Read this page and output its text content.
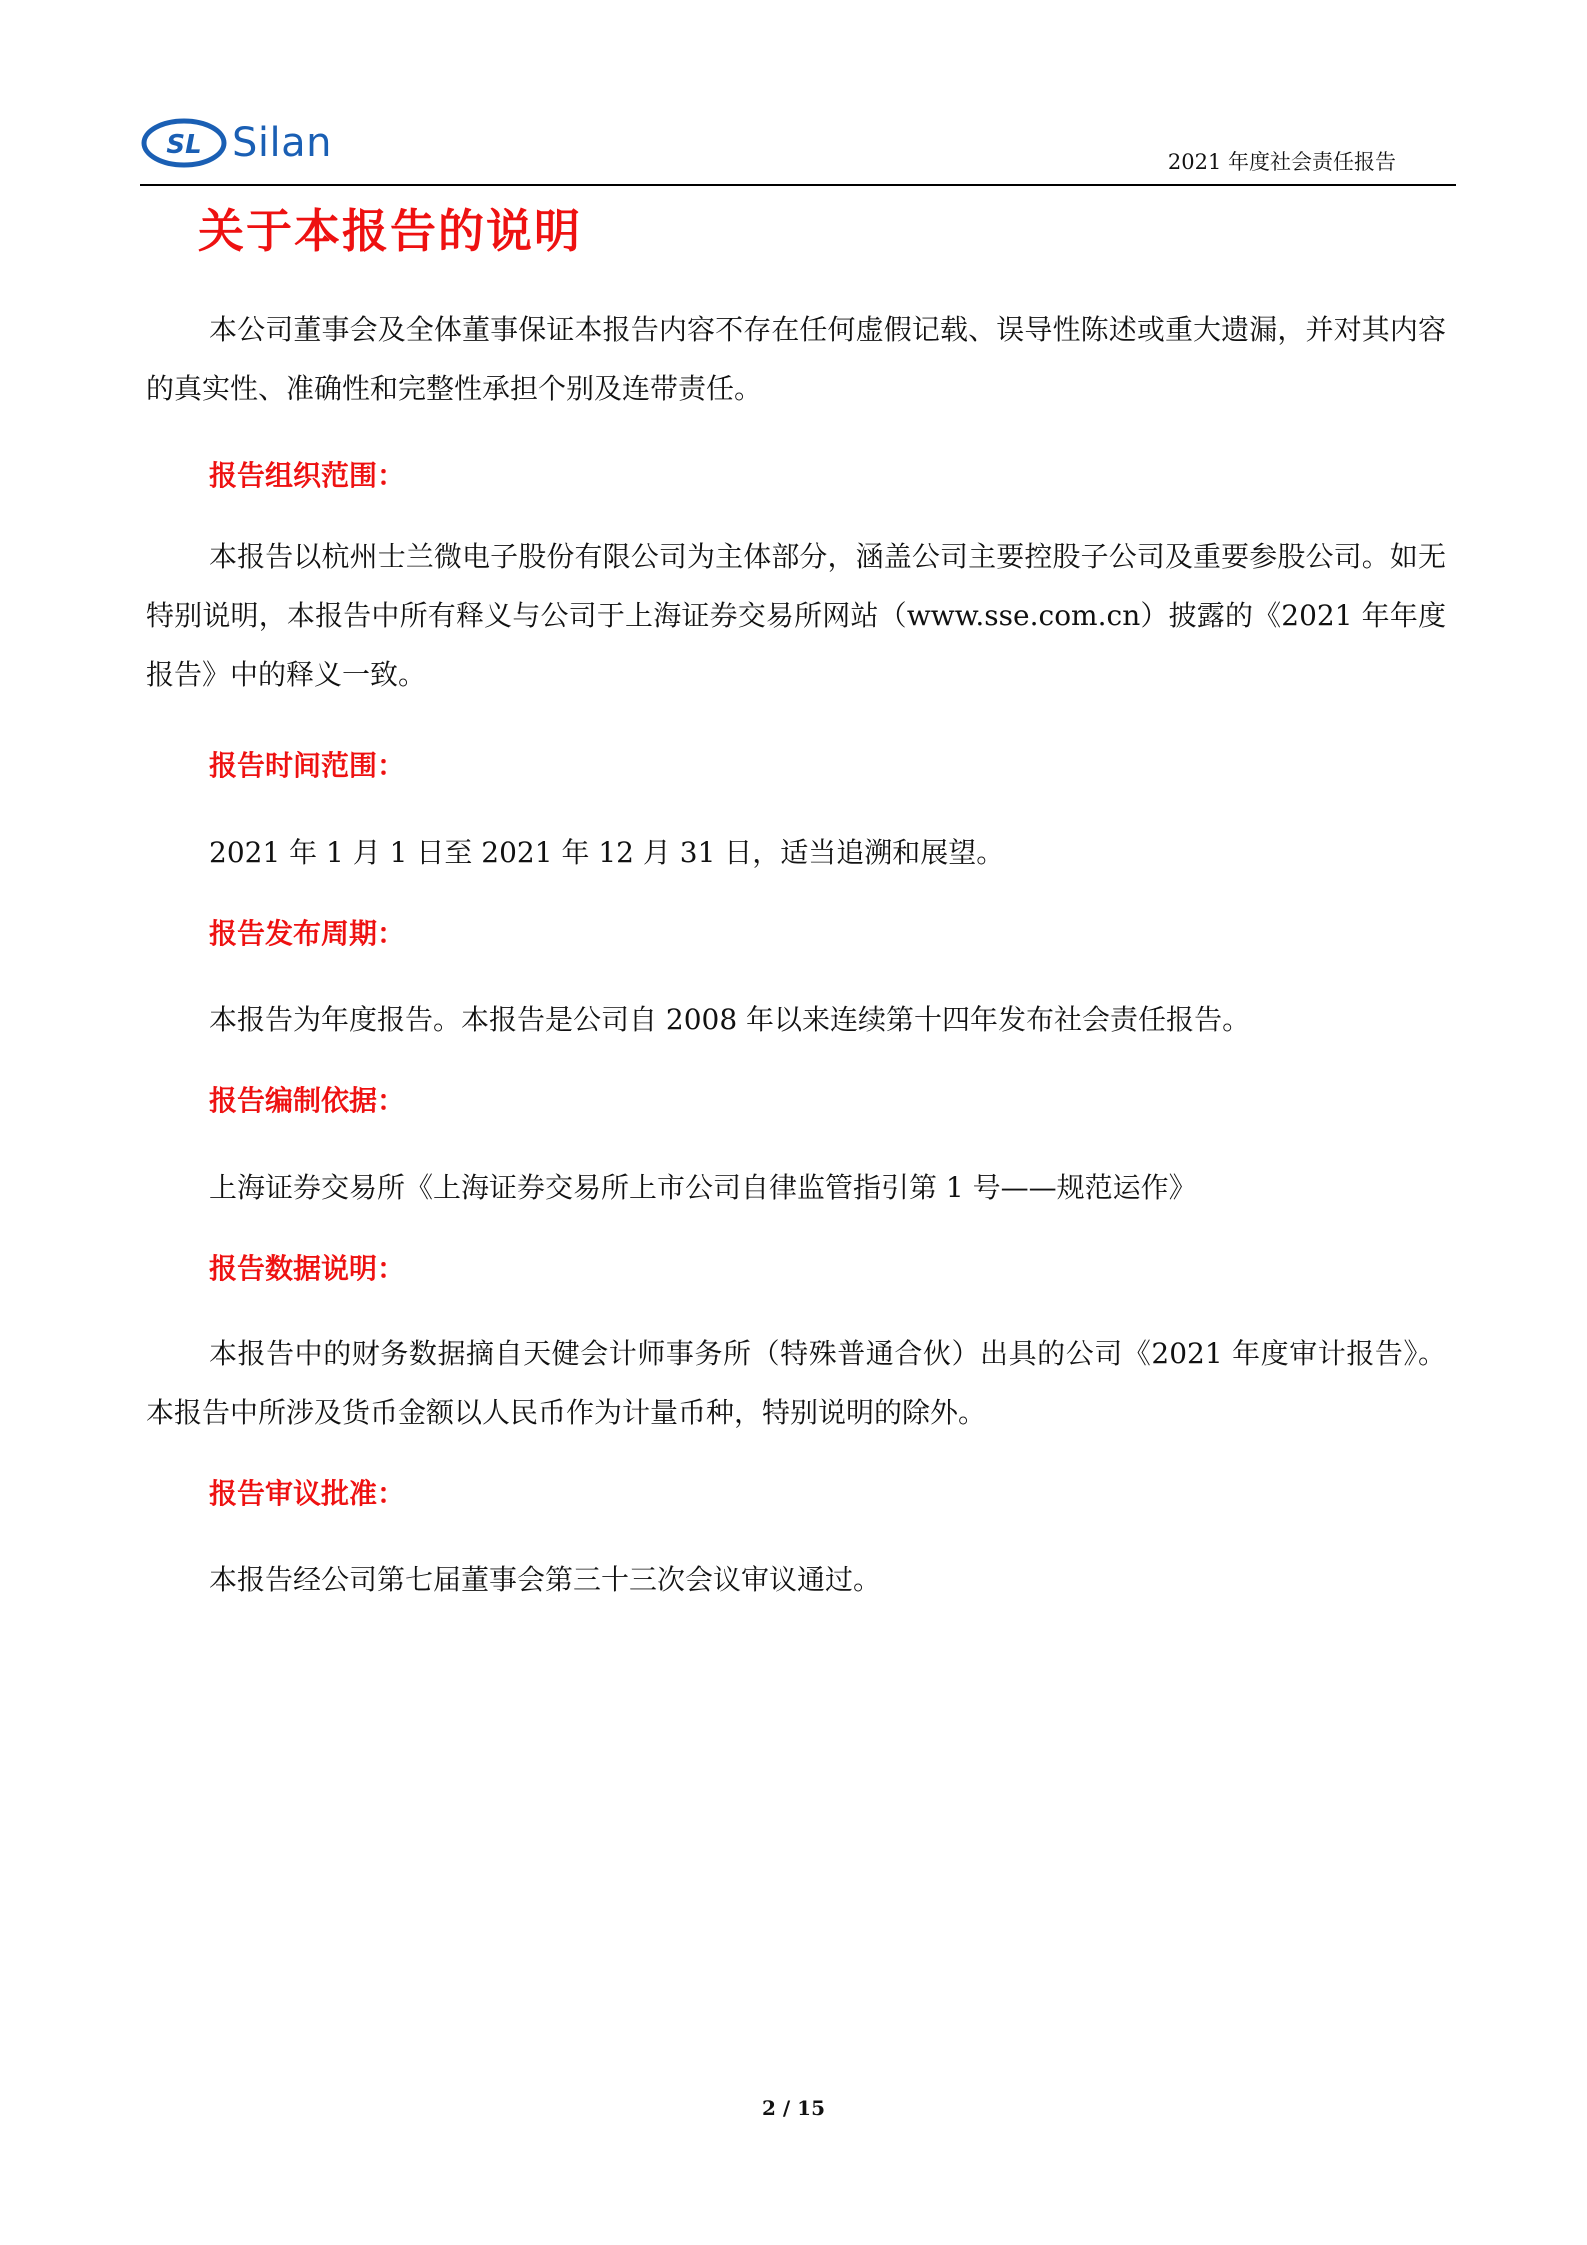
SL Silan	2021 年度社会责任报告
关于本报告的说明

本公司董事会及全体董事保证本报告内容不存在任何虚假记载、误导性陈述或重大遗漏，并对其内容的真实性、准确性和完整性承担个别及连带责任。

报告组织范围：

本报告以杭州士兰微电子股份有限公司为主体部分，涵盖公司主要控股子公司及重要参股公司。如无特别说明，本报告中所有释义与公司于上海证券交易所网站（www.sse.com.cn）披露的《2021 年年度报告》中的释义一致。

报告时间范围：

2021 年 1 月 1 日至 2021 年 12 月 31 日，适当追溯和展望。

报告发布周期：

本报告为年度报告。本报告是公司自 2008 年以来连续第十四年发布社会责任报告。

报告编制依据：

上海证券交易所《上海证券交易所上市公司自律监管指引第 1 号——规范运作》

报告数据说明：

本报告中的财务数据摘自天健会计师事务所（特殊普通合伙）出具的公司《2021 年度审计报告》。本报告中所涉及货币金额以人民币作为计量币种，特别说明的除外。

报告审议批准：

本报告经公司第七届董事会第三十三次会议审议通过。

2 / 15
